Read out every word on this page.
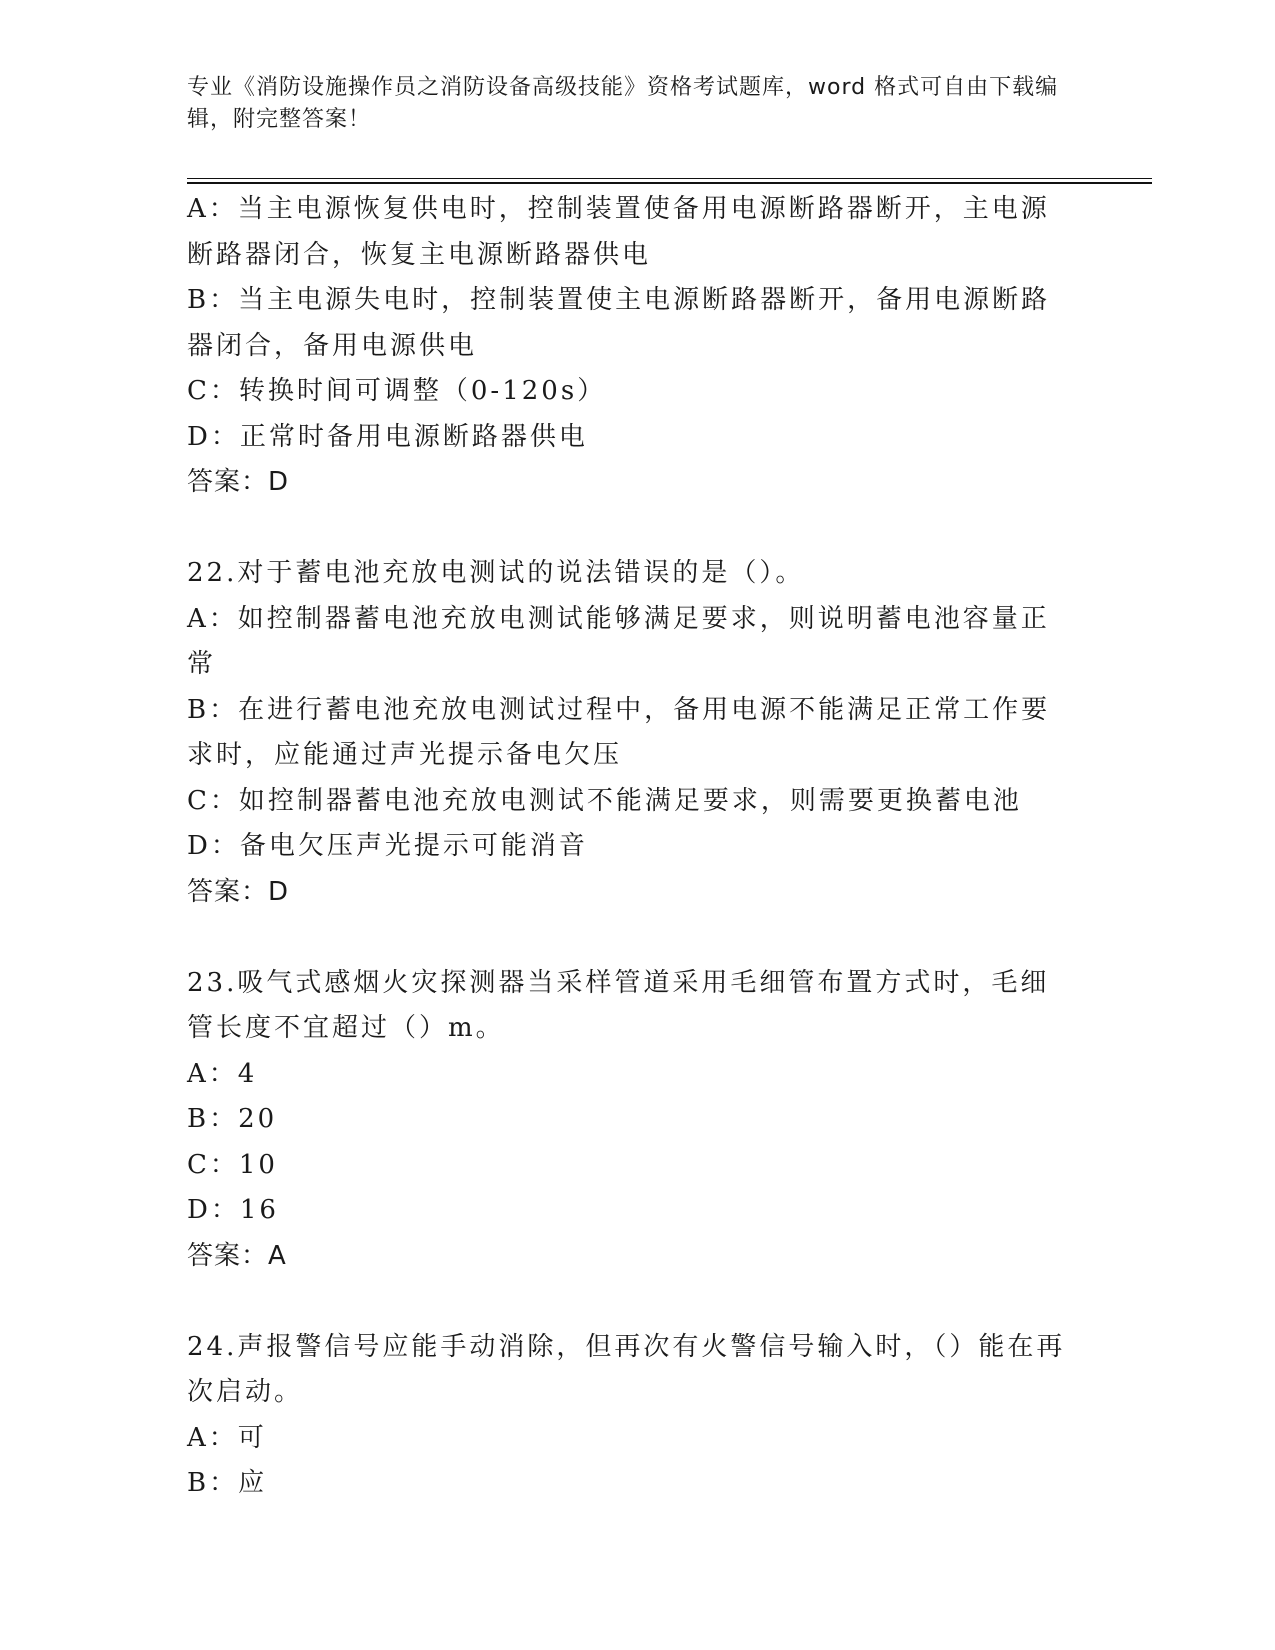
专业《消防设施操作员之消防设备高级技能》资格考试题库，word 格式可自由下载编辑，附完整答案！
A：当主电源恢复供电时，控制装置使备用电源断路器断开，主电源断路器闭合，恢复主电源断路器供电
B：当主电源失电时，控制装置使主电源断路器断开，备用电源断路器闭合，备用电源供电
C：转换时间可调整（0-120s）
D：正常时备用电源断路器供电
答案：D
22.对于蓄电池充放电测试的说法错误的是（）。
A：如控制器蓄电池充放电测试能够满足要求，则说明蓄电池容量正常
B：在进行蓄电池充放电测试过程中，备用电源不能满足正常工作要求时，应能通过声光提示备电欠压
C：如控制器蓄电池充放电测试不能满足要求，则需要更换蓄电池
D：备电欠压声光提示可能消音
答案：D
23.吸气式感烟火灾探测器当采样管道采用毛细管布置方式时，毛细管长度不宜超过（）m。
A：4
B：20
C：10
D：16
答案：A
24.声报警信号应能手动消除，但再次有火警信号输入时，（）能在再次启动。
A：可
B：应
